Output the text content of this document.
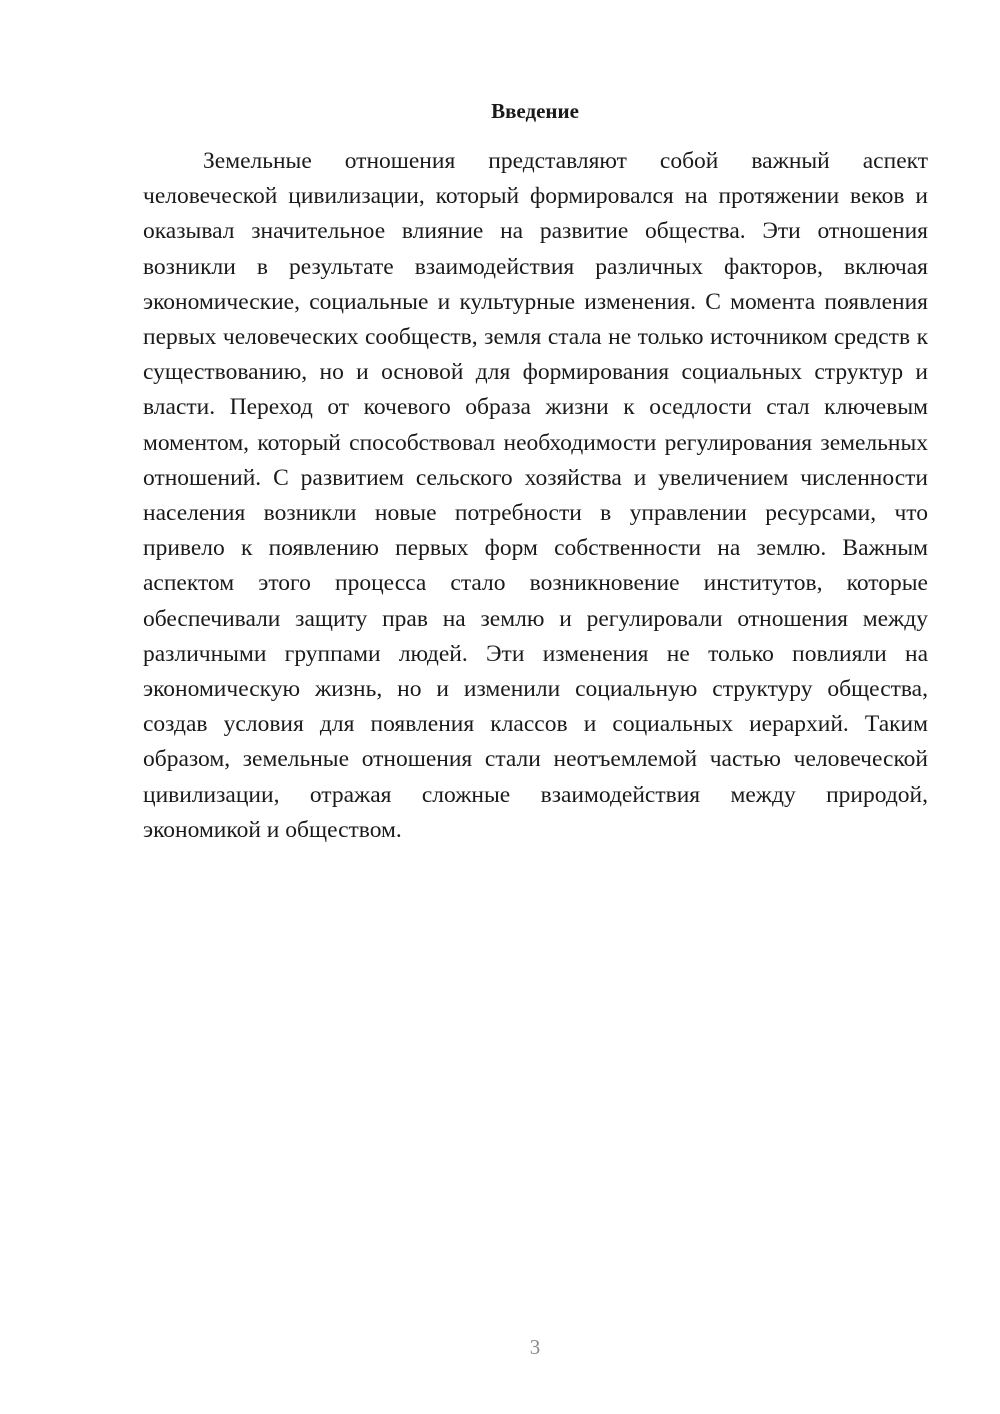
Введение

Земельные отношения представляют собой важный аспект человеческой цивилизации, который формировался на протяжении веков и оказывал значительное влияние на развитие общества. Эти отношения возникли в результате взаимодействия различных факторов, включая экономические, социальные и культурные изменения. С момента появления первых человеческих сообществ, земля стала не только источником средств к существованию, но и основой для формирования социальных структур и власти. Переход от кочевого образа жизни к оседлости стал ключевым моментом, который способствовал необходимости регулирования земельных отношений. С развитием сельского хозяйства и увеличением численности населения возникли новые потребности в управлении ресурсами, что привело к появлению первых форм собственности на землю. Важным аспектом этого процесса стало возникновение институтов, которые обеспечивали защиту прав на землю и регулировали отношения между различными группами людей. Эти изменения не только повлияли на экономическую жизнь, но и изменили социальную структуру общества, создав условия для появления классов и социальных иерархий. Таким образом, земельные отношения стали неотъемлемой частью человеческой цивилизации, отражая сложные взаимодействия между природой, экономикой и обществом.

3
